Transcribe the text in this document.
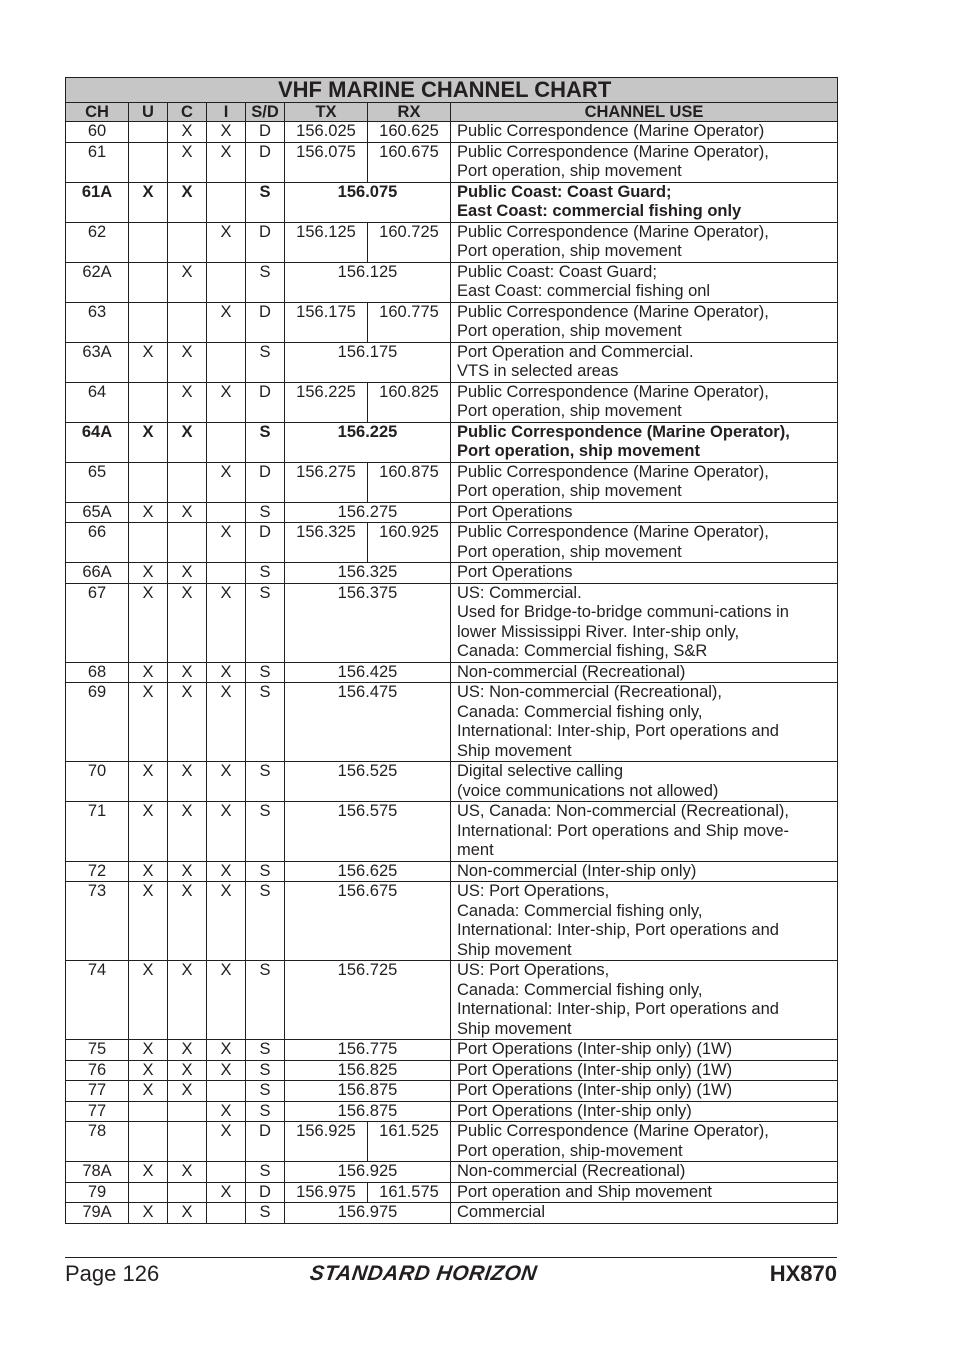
VHF MARINE CHANNEL CHART							
CH	U	C	I	S/D	TX	RX	CHANNEL USE
60		X	X	D	156.025	160.625	Public Correspondence (Marine Operator)

61		X	X	D	156.075	160.675	Public Correspondence (Marine Operator),
Port operation, ship movement

61A	X	X		S	156.075		Public Coast: Coast Guard;
East Coast: commercial fishing only

62			X	D	156.125	160.725	Public Correspondence (Marine Operator),
Port operation, ship movement

62A		X		S	156.125		Public Coast: Coast Guard;
East Coast: commercial fishing onl

63			X	D	156.175	160.775	Public Correspondence (Marine Operator),
Port operation, ship movement

63A	X	X		S	156.175		Port Operation and Commercial.
VTS in selected areas

64		X	X	D	156.225	160.825	Public Correspondence (Marine Operator),
Port operation, ship movement

64A	X	X		S	156.225		Public Correspondence (Marine Operator),
Port operation, ship movement

65			X	D	156.275	160.875	Public Correspondence (Marine Operator),
Port operation, ship movement

65A	X	X		S	156.275		Port Operations

66			X	D	156.325	160.925	Public Correspondence (Marine Operator),
Port operation, ship movement

66A	X	X		S	156.325		Port Operations

67	X	X	X	S	156.375		US: Commercial.
Used for Bridge-to-bridge communi-cations in
lower Mississippi River. Inter-ship only,
Canada: Commercial fishing, S&R

68	X	X	X	S	156.425		Non-commercial (Recreational)

69	X	X	X	S	156.475		US: Non-commercial (Recreational),
Canada: Commercial fishing only,
International: Inter-ship, Port operations and
Ship movement

70	X	X	X	S	156.525		Digital selective calling
(voice communications not allowed)

71	X	X	X	S	156.575		US, Canada: Non-commercial (Recreational),
International: Port operations and Ship move-
ment

72	X	X	X	S	156.625		Non-commercial (Inter-ship only)

73	X	X	X	S	156.675		US: Port Operations,
Canada: Commercial fishing only,
International: Inter-ship, Port operations and
Ship movement

74	X	X	X	S	156.725		US: Port Operations,
Canada: Commercial fishing only,
International: Inter-ship, Port operations and
Ship movement

75	X	X	X	S	156.775		Port Operations (Inter-ship only) (1W)

76	X	X	X	S	156.825		Port Operations (Inter-ship only) (1W)

77	X	X		S	156.875		Port Operations (Inter-ship only) (1W)

77			X	S	156.875		Port Operations (Inter-ship only)

78			X	D	156.925	161.525	Public Correspondence (Marine Operator),
Port operation, ship-movement

78A	X	X		S	156.925		Non-commercial (Recreational)

79			X	D	156.975	161.575	Port operation and Ship movement

79A	X	X		S	156.975		Commercial
Page 126	STANDARD HORIZON	HX870
